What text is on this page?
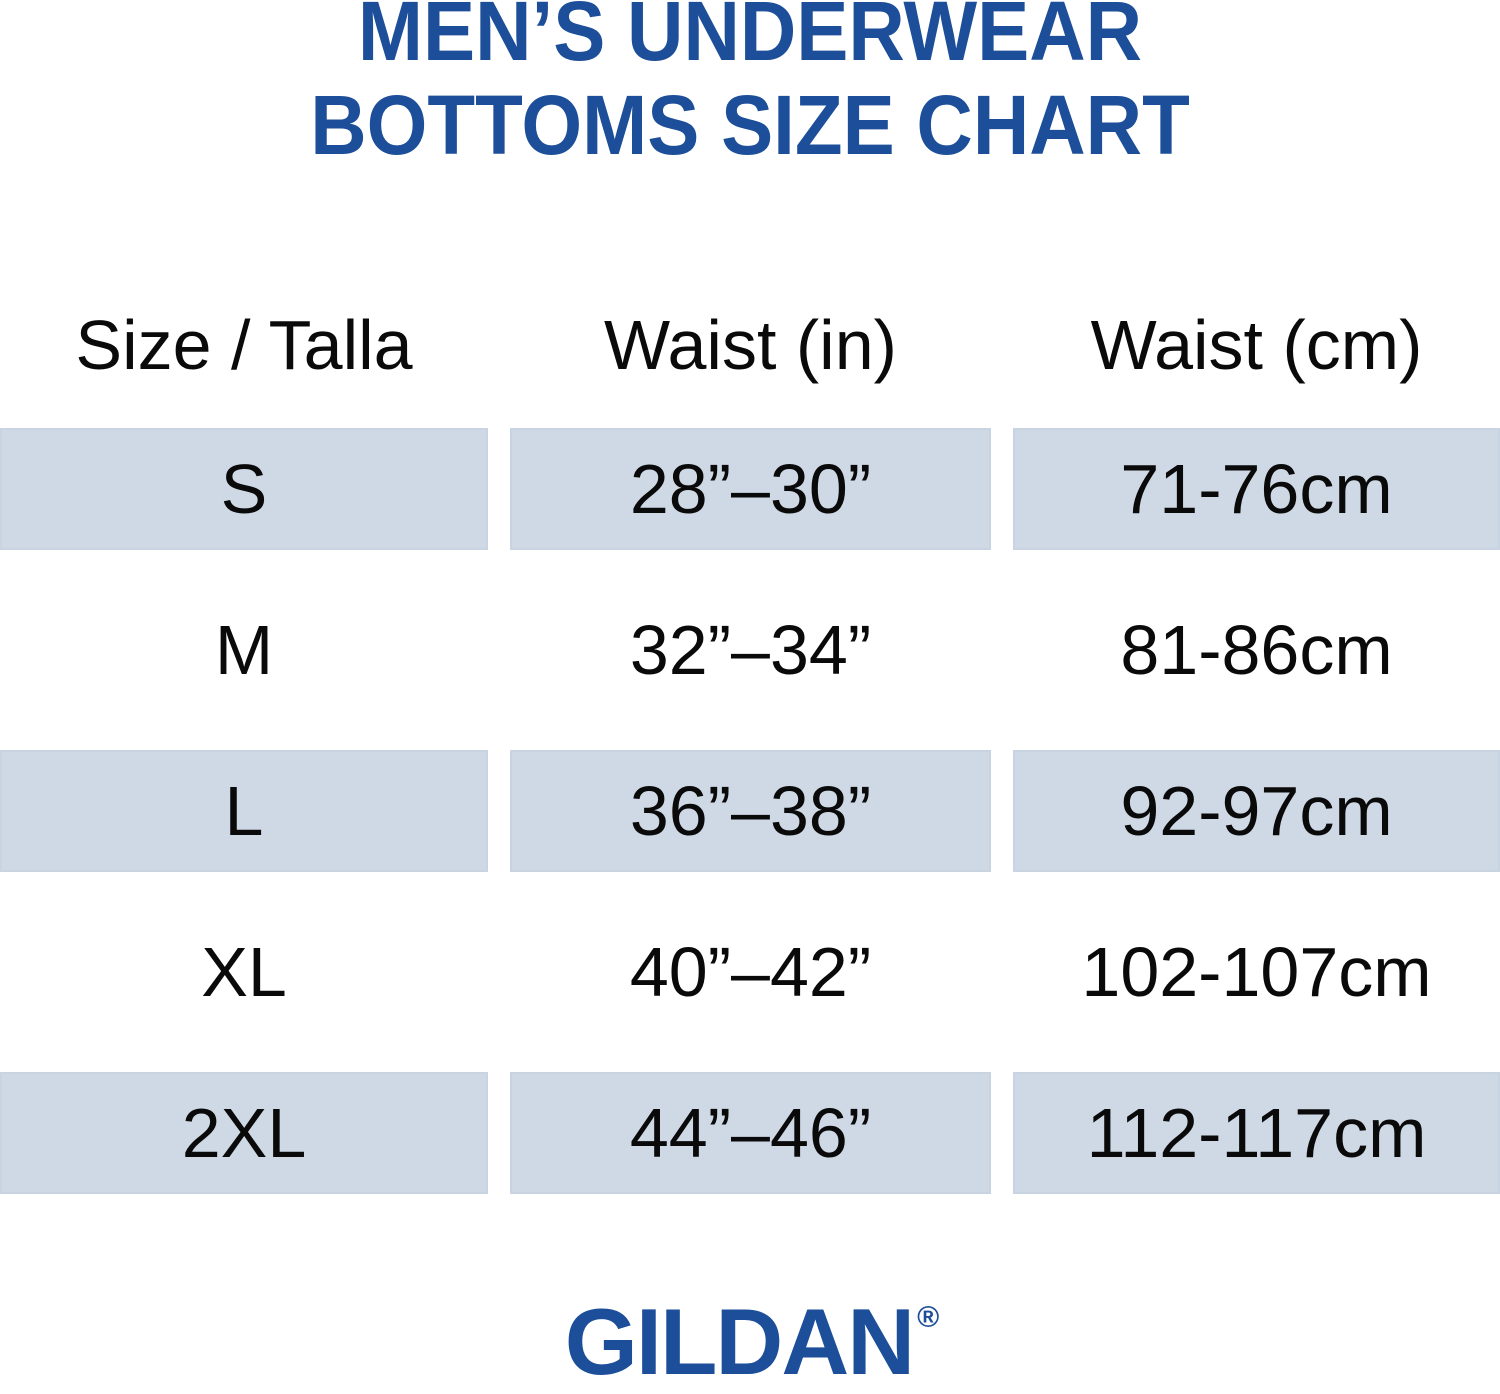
MEN’S UNDERWEAR
BOTTOMS SIZE CHART
Size / Talla	Waist (in)	Waist (cm)
S	28”–30”	71-76cm
M	32”–34”	81-86cm
L	36”–38”	92-97cm
XL	40”–42”	102-107cm
2XL	44”–46”	112-117cm
GILDAN ®
